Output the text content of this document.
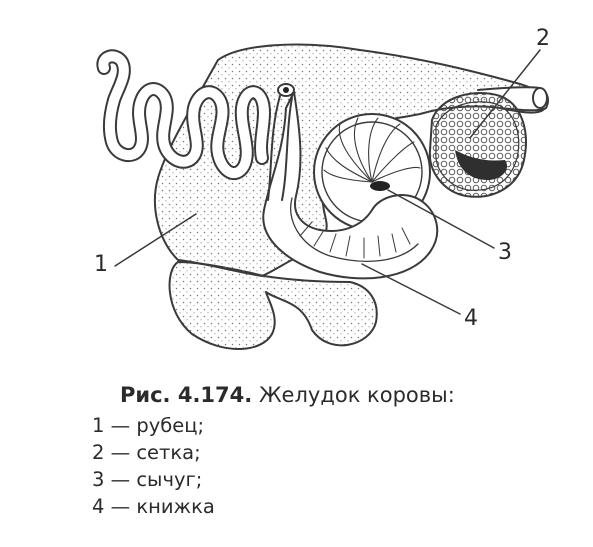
1
2
3
4
Рис. 4.174. Желудок коровы:
1 — рубец;
2 — сетка;
3 — сычуг;
4 — книжка
